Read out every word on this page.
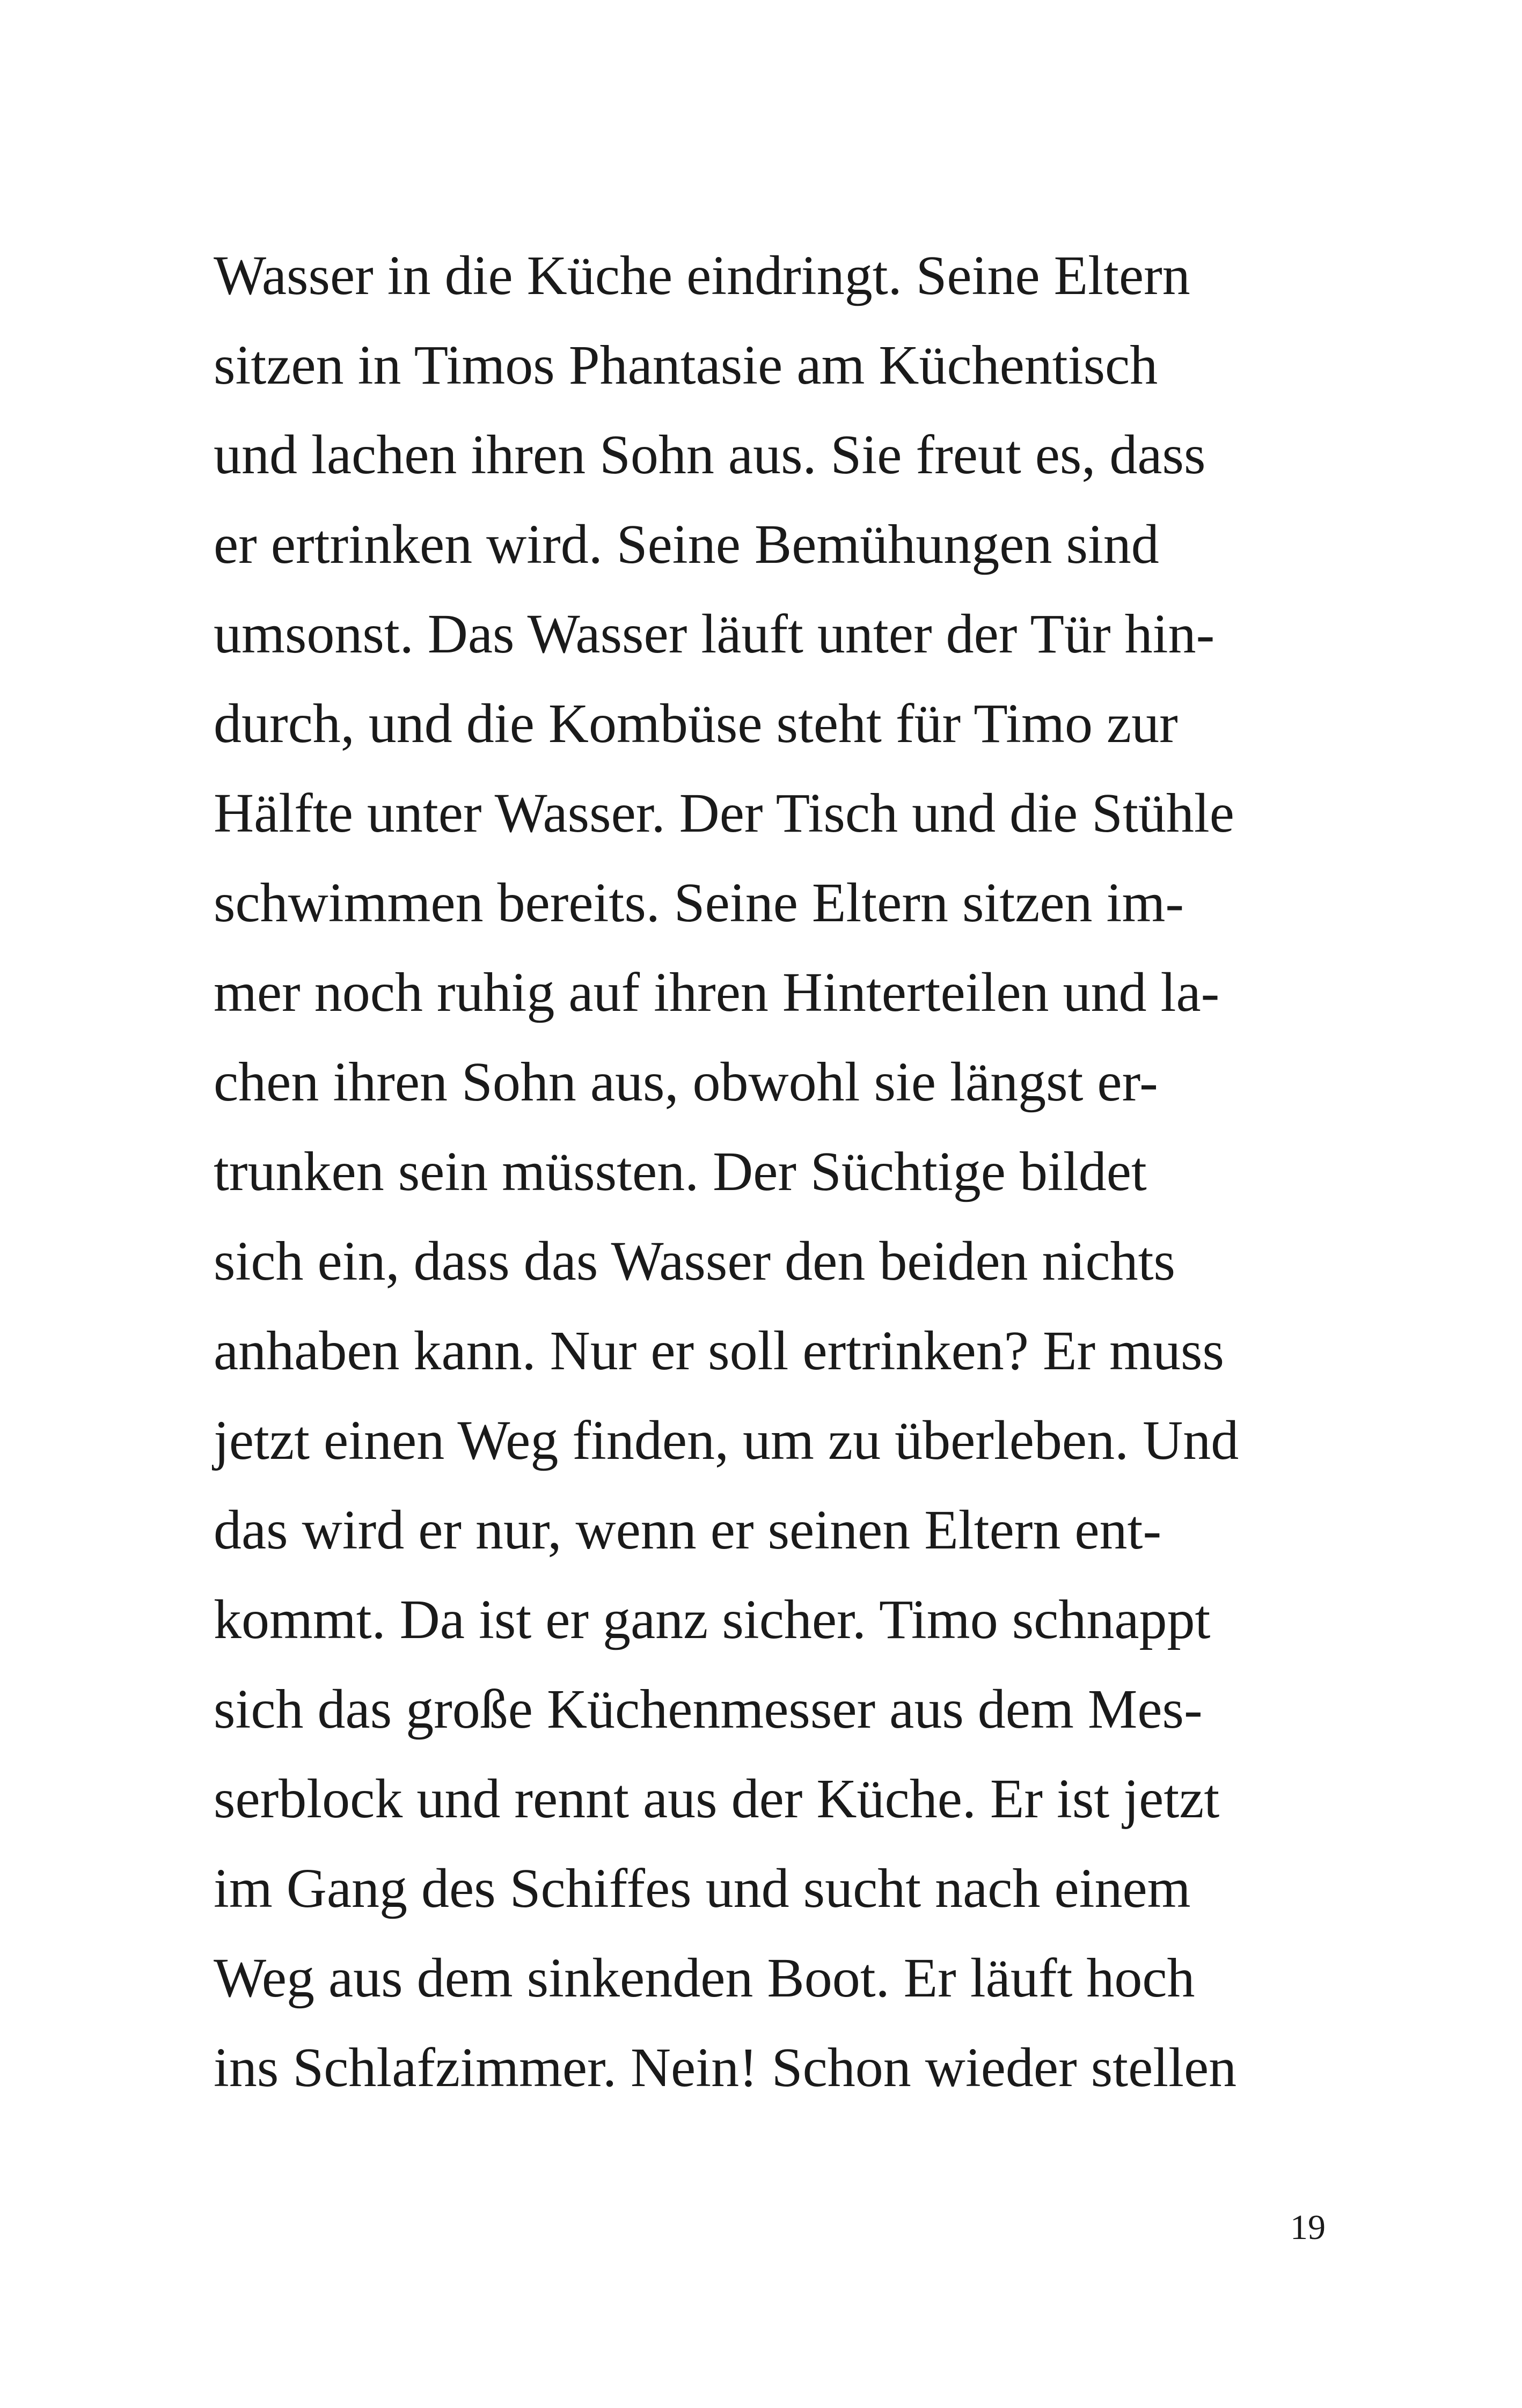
Wasser in die Küche eindringt. Seine Eltern
sitzen in Timos Phantasie am Küchentisch
und lachen ihren Sohn aus. Sie freut es, dass
er ertrinken wird. Seine Bemühungen sind
umsonst. Das Wasser läuft unter der Tür hin-
durch, und die Kombüse steht für Timo zur
Hälfte unter Wasser. Der Tisch und die Stühle
schwimmen bereits. Seine Eltern sitzen im-
mer noch ruhig auf ihren Hinterteilen und la-
chen ihren Sohn aus, obwohl sie längst er-
trunken sein müssten. Der Süchtige bildet
sich ein, dass das Wasser den beiden nichts
anhaben kann. Nur er soll ertrinken? Er muss
jetzt einen Weg finden, um zu überleben. Und
das wird er nur, wenn er seinen Eltern ent-
kommt. Da ist er ganz sicher. Timo schnappt
sich das große Küchenmesser aus dem Mes-
serblock und rennt aus der Küche. Er ist jetzt
im Gang des Schiffes und sucht nach einem
Weg aus dem sinkenden Boot. Er läuft hoch
ins Schlafzimmer. Nein! Schon wieder stellen
19
